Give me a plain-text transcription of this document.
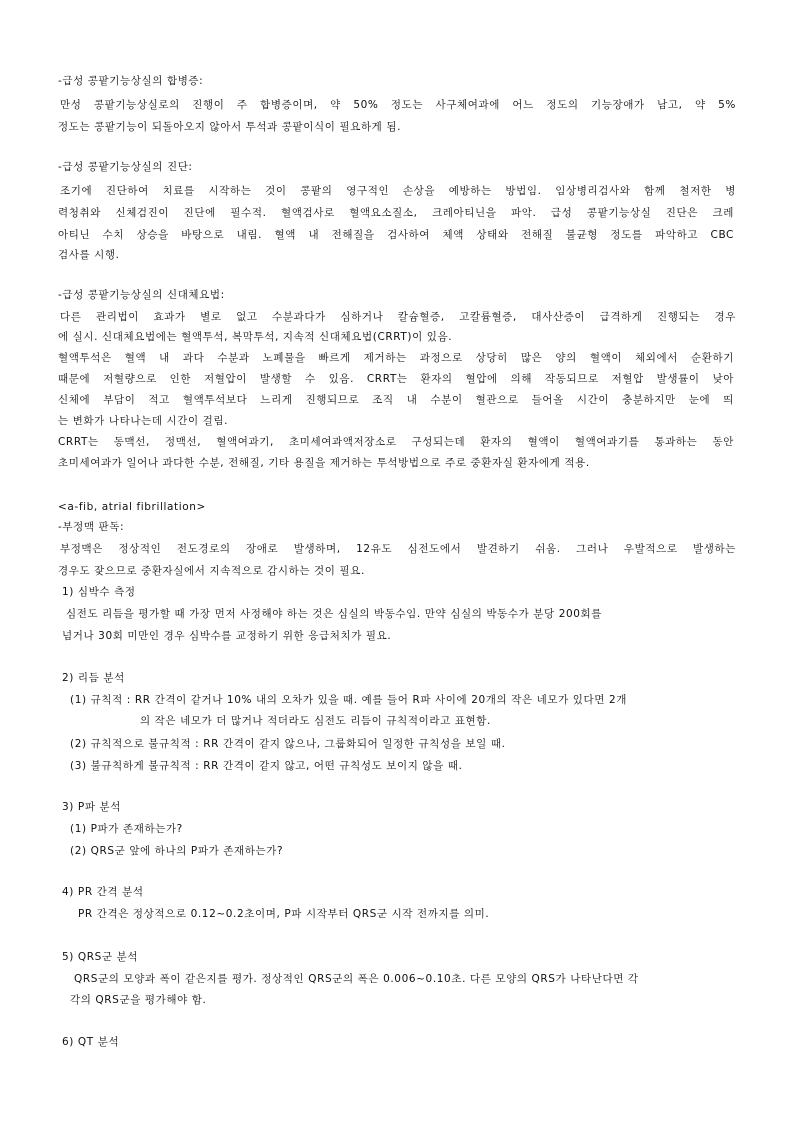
-급성 콩팥기능상실의 합병증:
만성 콩팥기능상실로의 진행이 주 합병증이며, 약 50% 정도는 사구체여과에 어느 정도의 기능장애가 남고, 약 5%
정도는 콩팥기능이 되돌아오지 않아서 투석과 콩팥이식이 필요하게 됨.
-급성 콩팥기능상실의 진단:
조기에 진단하여 치료를 시작하는 것이 콩팥의 영구적인 손상을 예방하는 방법임. 임상병리검사와 함께 철저한 병
력청취와 신체검진이 진단에 필수적. 혈액검사로 혈액요소질소, 크레아티닌을 파악. 급성 콩팥기능상실 진단은 크레
아티닌 수치 상승을 바탕으로 내림. 혈액 내 전해질을 검사하여 체액 상태와 전해질 불균형 정도를 파악하고 CBC
검사를 시행.
-급성 콩팥기능상실의 신대체요법:
다른 관리법이 효과가 별로 없고 수분과다가 심하거나 칼슘혈증, 고칼륨혈증, 대사산증이 급격하게 진행되는 경우
에 실시. 신대체요법에는 혈액투석, 복막투석, 지속적 신대체요법(CRRT)이 있음.
혈액투석은 혈액 내 과다 수분과 노폐물을 빠르게 제거하는 과정으로 상당히 많은 양의 혈액이 체외에서 순환하기
때문에 저혈량으로 인한 저혈압이 발생할 수 있음. CRRT는 환자의 혈압에 의해 작동되므로 저혈압 발생률이 낮아
신체에 부담이 적고 혈액투석보다 느리게 진행되므로 조직 내 수분이 혈관으로 들어올 시간이 충분하지만 눈에 띄
는 변화가 나타나는데 시간이 걸림.
CRRT는 동맥선, 정맥선, 혈액여과기, 초미세여과액저장소로 구성되는데 환자의 혈액이 혈액여과기를 통과하는 동안
초미세여과가 일어나 과다한 수분, 전해질, 기타 용질을 제거하는 투석방법으로 주로 중환자실 환자에게 적용.
<a-fib, atrial fibrillation>
-부정맥 판독:
부정맥은 정상적인 전도경로의 장애로 발생하며, 12유도 심전도에서 발견하기 쉬움. 그러나 우발적으로 발생하는
경우도 잦으므로 중환자실에서 지속적으로 감시하는 것이 필요.
1) 심박수 측정
심전도 리듬을 평가할 때 가장 먼저 사정해야 하는 것은 심실의 박동수임. 만약 심실의 박동수가 분당 200회를
넘거나 30회 미만인 경우 심박수를 교정하기 위한 응급처치가 필요.
2) 리듬 분석
(1) 규칙적 : RR 간격이 같거나 10% 내의 오차가 있을 때. 예를 들어 R파 사이에 20개의 작은 네모가 있다면 2개
의 작은 네모가 더 많거나 적더라도 심전도 리듬이 규칙적이라고 표현함.
(2) 규칙적으로 불규칙적 : RR 간격이 같지 않으나, 그룹화되어 일정한 규칙성을 보일 때.
(3) 불규칙하게 불규칙적 : RR 간격이 같지 않고, 어떤 규칙성도 보이지 않을 때.
3) P파 분석
(1) P파가 존재하는가?
(2) QRS군 앞에 하나의 P파가 존재하는가?
4) PR 간격 분석
PR 간격은 정상적으로 0.12~0.2초이며, P파 시작부터 QRS군 시작 전까지를 의미.
5) QRS군 분석
QRS군의 모양과 폭이 같은지를 평가. 정상적인 QRS군의 폭은 0.006~0.10초. 다른 모양의 QRS가 나타난다면 각
각의 QRS군을 평가해야 함.
6) QT 분석
